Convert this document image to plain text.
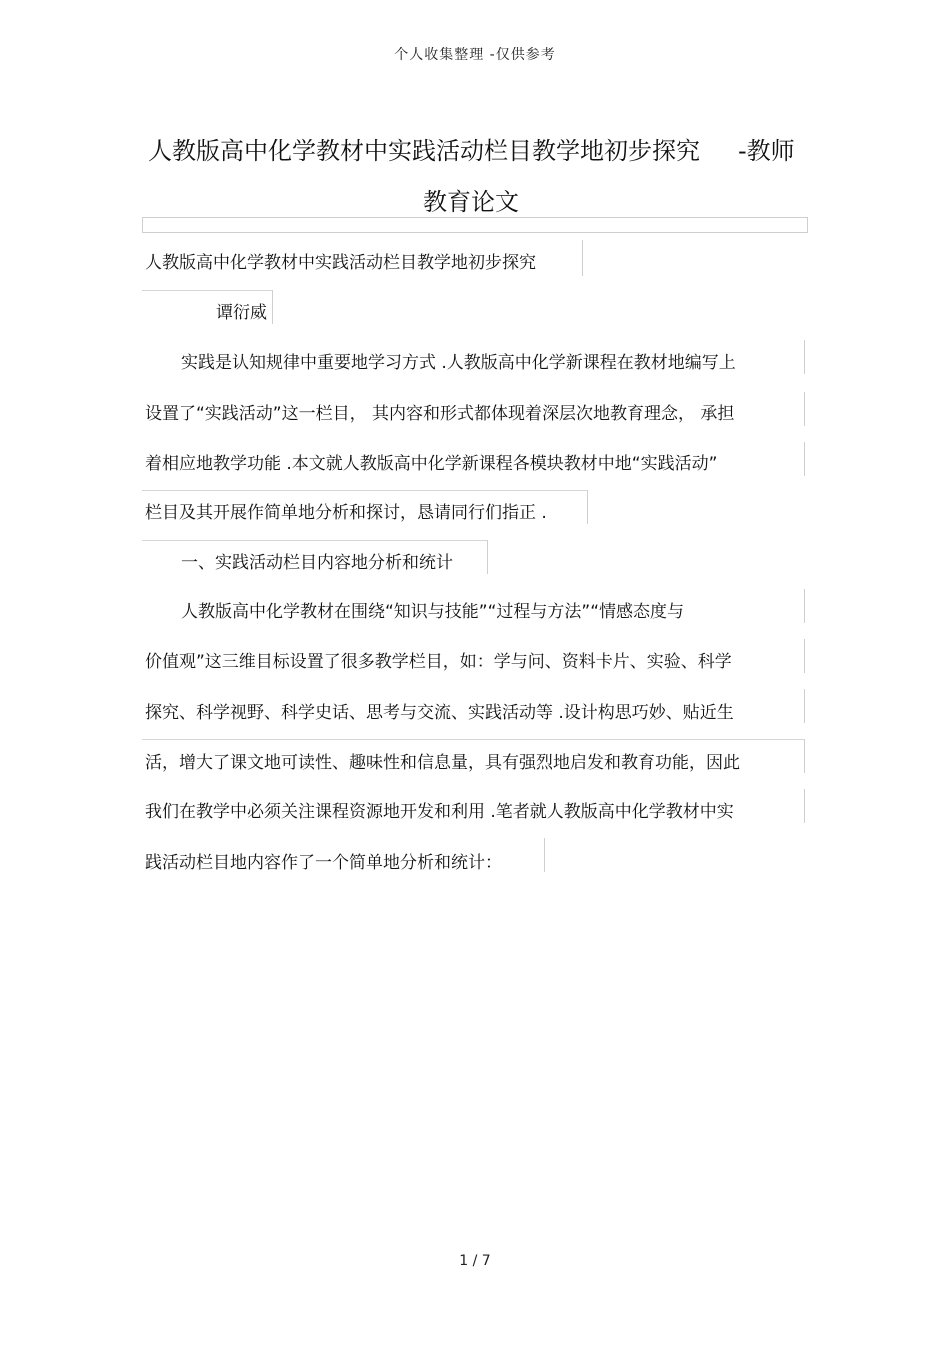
个人收集整理 -仅供参考
人教版高中化学教材中实践活动栏目教学地初步探究 -教师
教育论文
人教版高中化学教材中实践活动栏目教学地初步探究
谭衍威
实践是认知规律中重要地学习方式 .人教版高中化学新课程在教材地编写上
设置了“实践活动”这一栏目， 其内容和形式都体现着深层次地教育理念， 承担
着相应地教学功能 .本文就人教版高中化学新课程各模块教材中地“实践活动”
栏目及其开展作简单地分析和探讨，恳请同行们指正 .
一、实践活动栏目内容地分析和统计
人教版高中化学教材在围绕“知识与技能”“过程与方法”“情感态度与
价值观”这三维目标设置了很多教学栏目，如：学与问、资料卡片、实验、科学
探究、科学视野、科学史话、思考与交流、实践活动等 .设计构思巧妙、贴近生
活，增大了课文地可读性、趣味性和信息量，具有强烈地启发和教育功能，因此
我们在教学中必须关注课程资源地开发和利用 .笔者就人教版高中化学教材中实
践活动栏目地内容作了一个简单地分析和统计：
1 / 7
